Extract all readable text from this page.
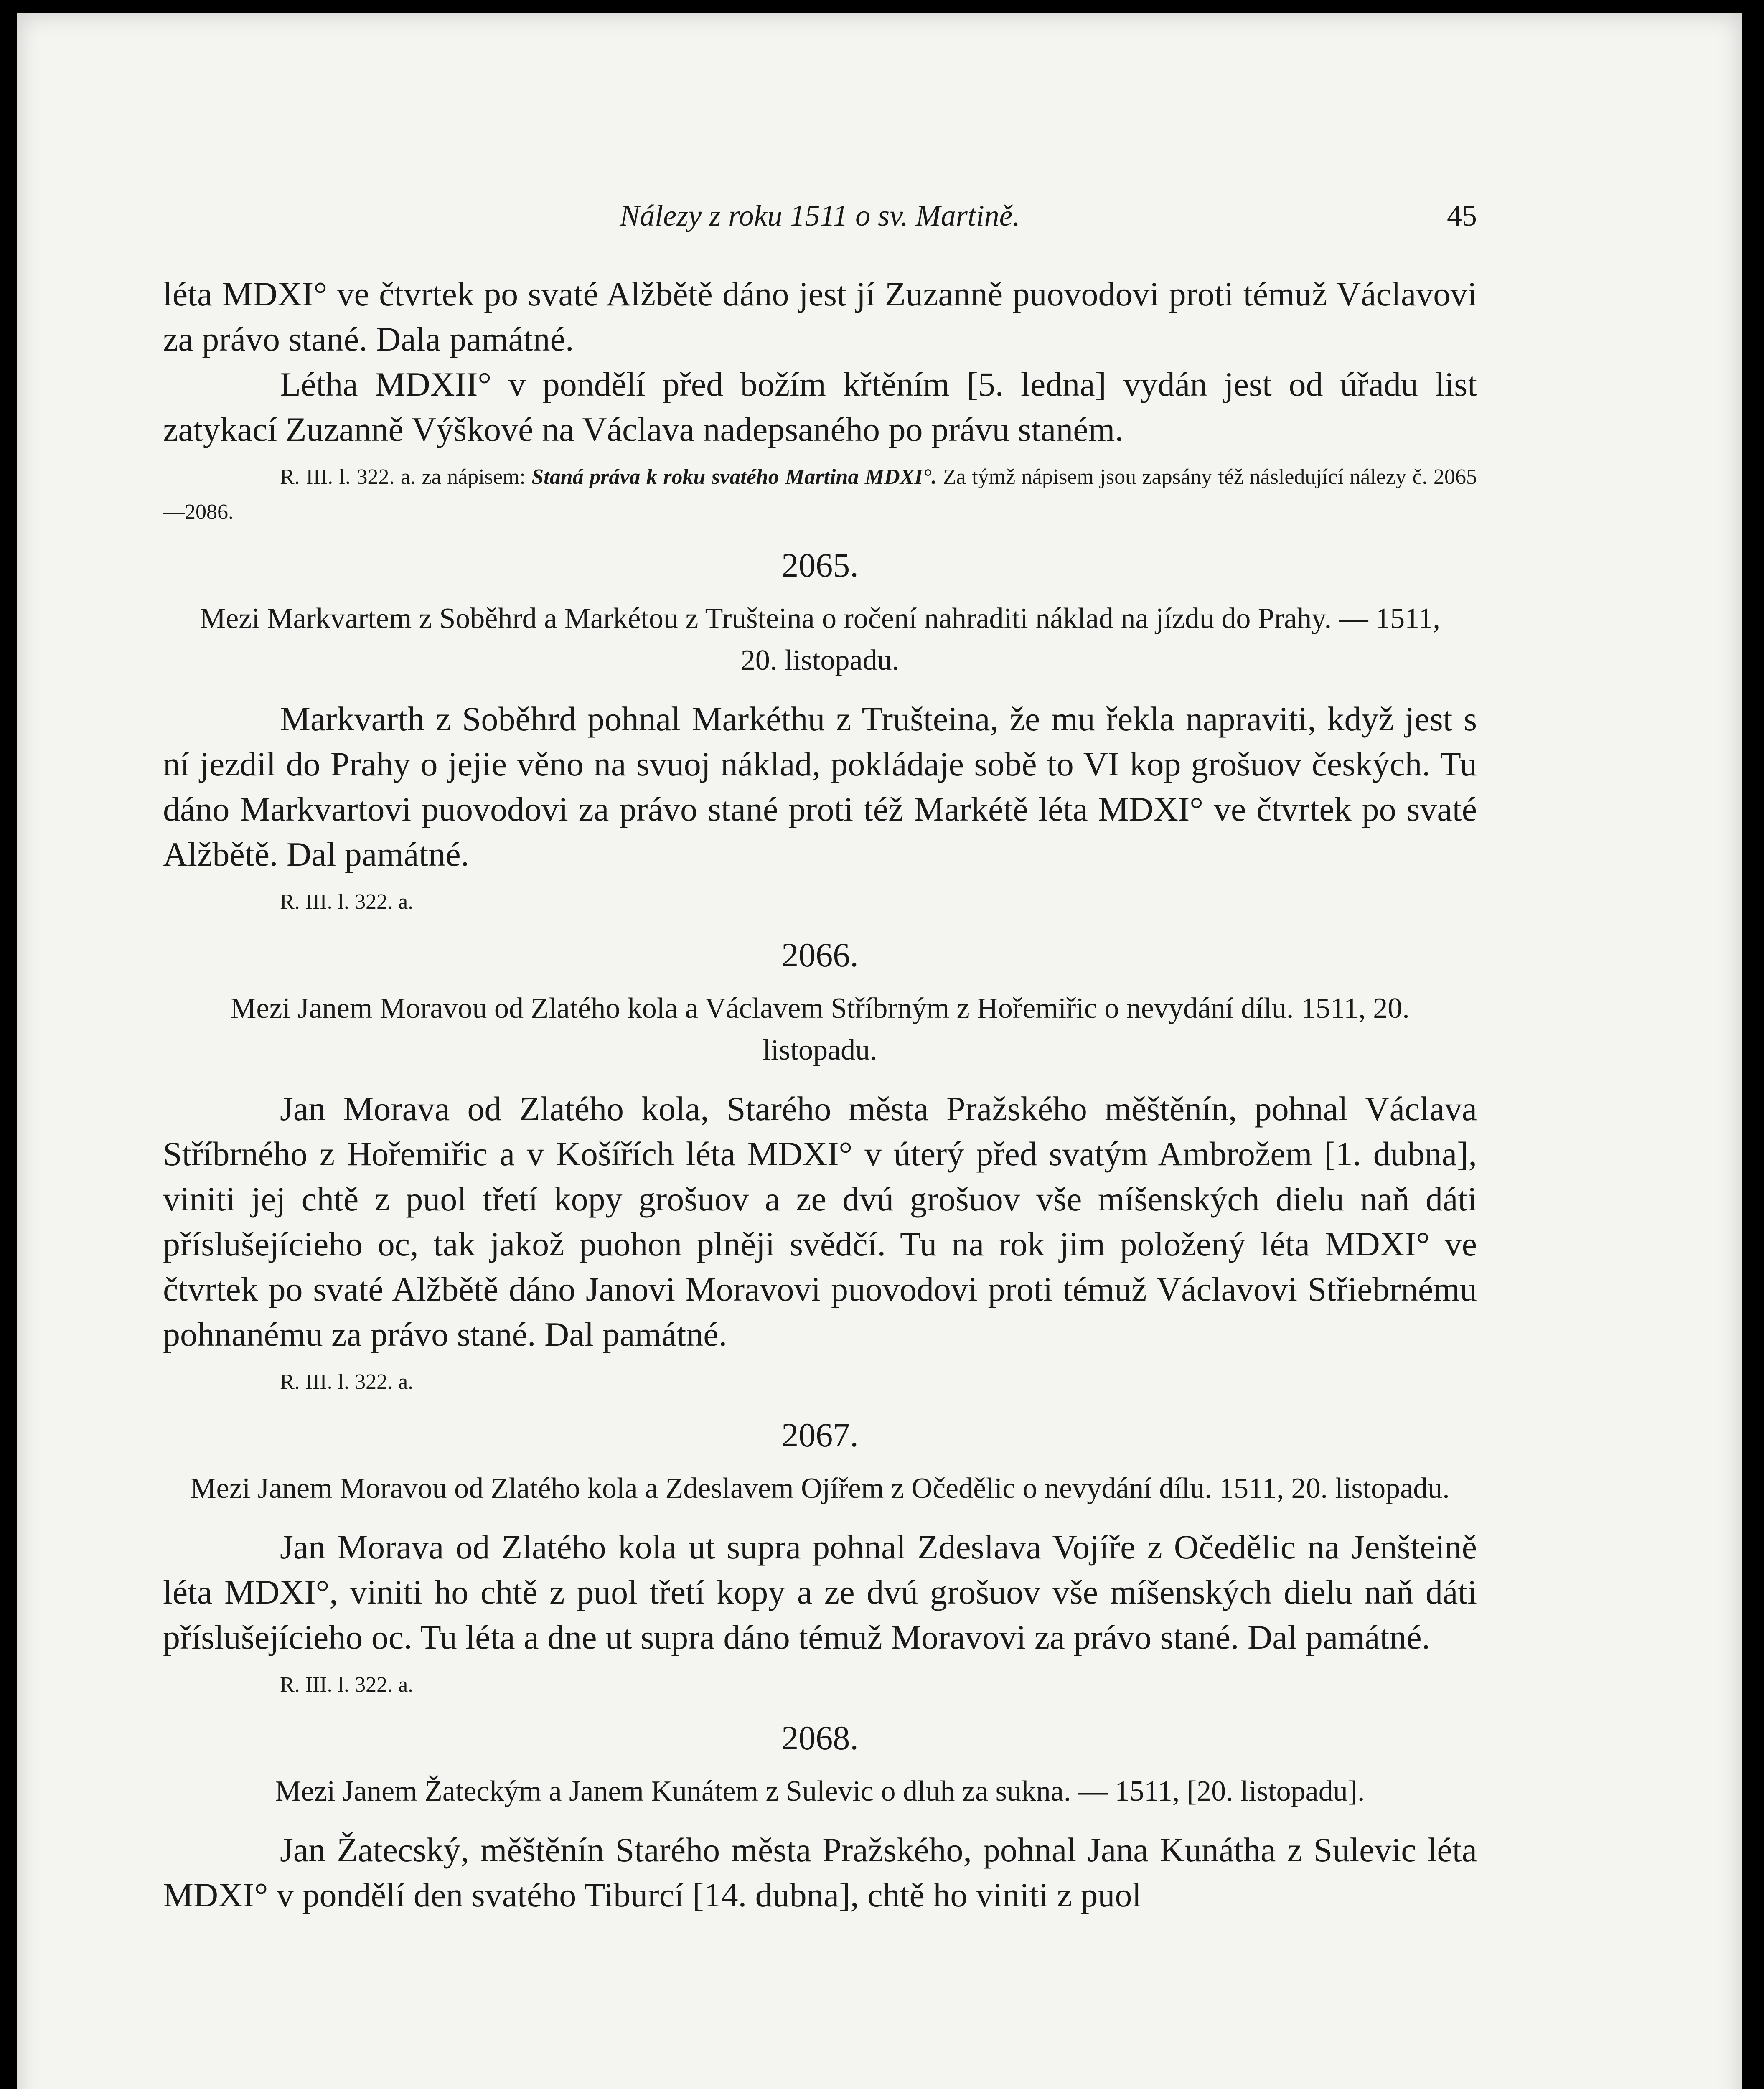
Nálezy z roku 1511 o sv. Martině.	45

léta MDXI° ve čtvrtek po svaté Alžbětě dáno jest jí Zuzanně puovodovi proti témuž Václavovi za právo stané. Dala památné.

Létha MDXII° v pondělí před božím křtěním [5. ledna] vydán jest od úřadu list zatykací Zuzanně Výškové na Václava nadepsaného po právu staném.

R. III. l. 322. a. za nápisem: Staná práva k roku svatého Martina MDXI°. Za týmž nápisem jsou zapsány též následující nálezy č. 2065—2086.

2065.

Mezi Markvartem z Soběhrd a Markétou z Trušteina o ročení nahraditi náklad na jízdu do Prahy. — 1511, 20. listopadu.

Markvarth z Soběhrd pohnal Markéthu z Trušteina, že mu řekla napraviti, když jest s ní jezdil do Prahy o jejie věno na svuoj náklad, pokládaje sobě to VI kop grošuov českých. Tu dáno Markvartovi puovodovi za právo stané proti též Markétě léta MDXI° ve čtvrtek po svaté Alžbětě. Dal památné.

R. III. l. 322. a.

2066.

Mezi Janem Moravou od Zlatého kola a Václavem Stříbrným z Hořemiřic o nevydání dílu. 1511, 20. listopadu.

Jan Morava od Zlatého kola, Starého města Pražského měštěnín, pohnal Václava Stříbrného z Hořemiřic a v Košířích léta MDXI° v úterý před svatým Ambrožem [1. dubna], viniti jej chtě z puol třetí kopy grošuov a ze dvú grošuov vše míšenských dielu naň dáti příslušejícieho oc, tak jakož puohon plněji svědčí. Tu na rok jim položený léta MDXI° ve čtvrtek po svaté Alžbětě dáno Janovi Moravovi puovodovi proti témuž Václavovi Střiebrnému pohnanému za právo stané. Dal památné.

R. III. l. 322. a.

2067.

Mezi Janem Moravou od Zlatého kola a Zdeslavem Ojířem z Očedělic o nevydání dílu. 1511, 20. listopadu.

Jan Morava od Zlatého kola ut supra pohnal Zdeslava Vojíře z Očedělic na Jenšteině léta MDXI°, viniti ho chtě z puol třetí kopy a ze dvú grošuov vše míšenských dielu naň dáti příslušejícieho oc. Tu léta a dne ut supra dáno témuž Moravovi za právo stané. Dal památné.

R. III. l. 322. a.

2068.

Mezi Janem Žateckým a Janem Kunátem z Sulevic o dluh za sukna. — 1511, [20. listopadu].

Jan Žatecský, měštěnín Starého města Pražského, pohnal Jana Kunátha z Sulevic léta MDXI° v pondělí den svatého Tiburcí [14. dubna], chtě ho viniti z puol
